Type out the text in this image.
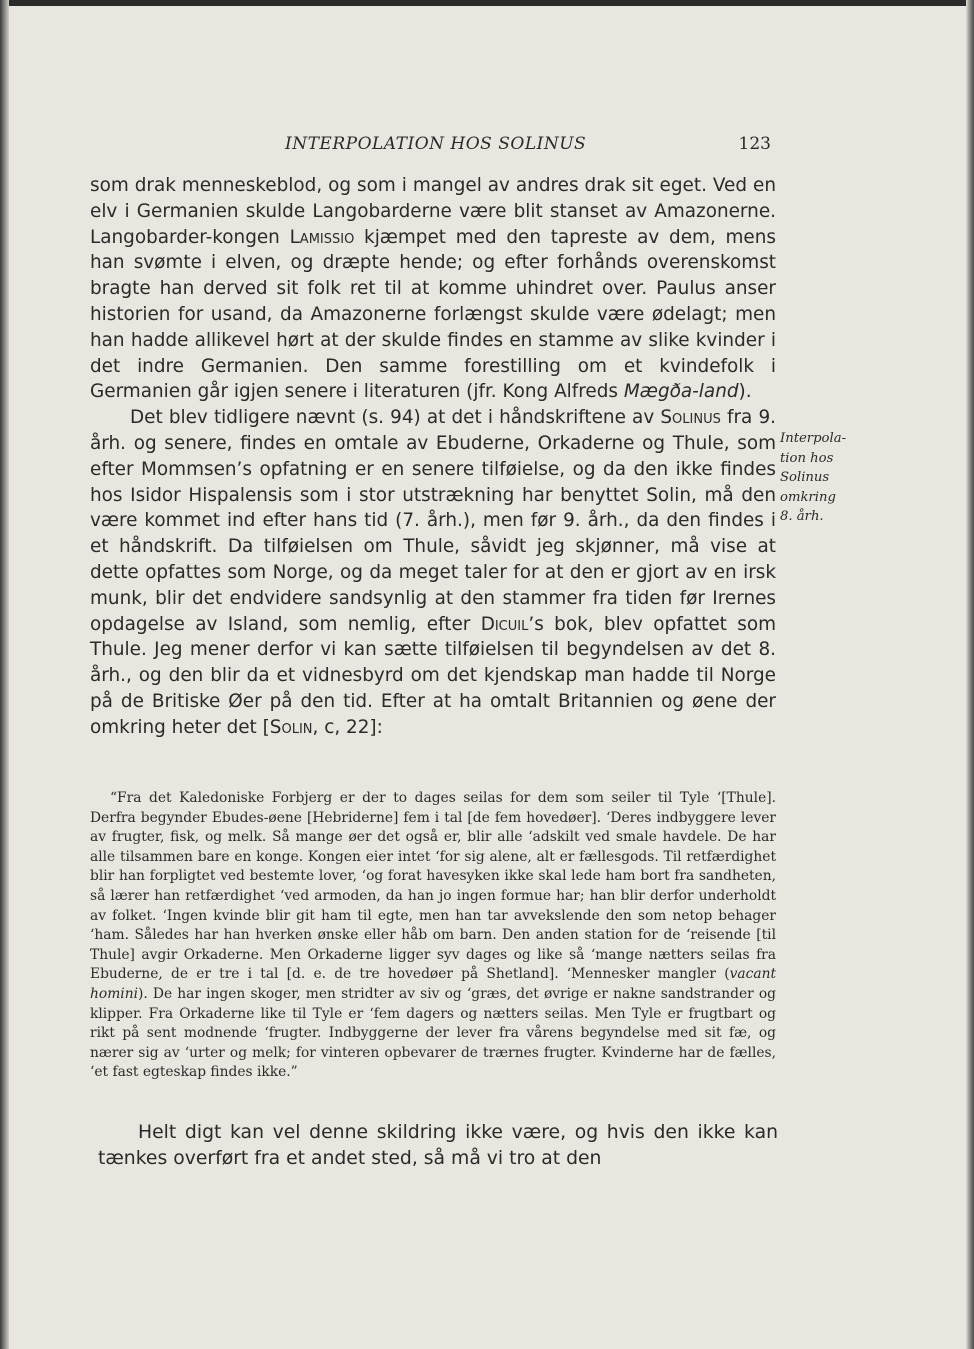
INTERPOLATION HOS SOLINUS	123

som drak menneskeblod, og som i mangel av andres drak sit eget. Ved en elv i Germanien skulde Langobarderne være blit stanset av Amazonerne. Langobarder-kongen Lamissio kjæmpet med den tapreste av dem, mens han svømte i elven, og dræpte hende; og efter forhånds overenskomst bragte han derved sit folk ret til at komme uhindret over. Paulus anser historien for usand, da Amazonerne forlængst skulde være ødelagt; men han hadde allikevel hørt at der skulde findes en stamme av slike kvinder i det indre Germanien. Den samme forestilling om et kvindefolk i Germanien går igjen senere i literaturen (jfr. Kong Alfreds Mægða-land).

Det blev tidligere nævnt (s. 94) at det i håndskriftene av Solinus fra 9. årh. og senere, findes en omtale av Ebuderne, Orkaderne og Thule, som efter Mommsen’s opfatning er en senere tilføielse, og da den ikke findes hos Isidor Hispalensis som i stor utstrækning har benyttet Solin, må den være kommet ind efter hans tid (7. årh.), men før 9. årh., da den findes i et håndskrift. Da tilføielsen om Thule, såvidt jeg skjønner, må vise at dette opfattes som Norge, og da meget taler for at den er gjort av en irsk munk, blir det endvidere sandsynlig at den stammer fra tiden før Irernes opdagelse av Island, som nemlig, efter Dicuil’s bok, blev opfattet som Thule. Jeg mener derfor vi kan sætte tilføielsen til begyndelsen av det 8. årh., og den blir da et vidnesbyrd om det kjendskap man hadde til Norge på de Britiske Øer på den tid. Efter at ha omtalt Britannien og øene der omkring heter det [Solin, c, 22]:

Interpola-
tion hos
Solinus
omkring
8. årh.

“Fra det Kaledoniske Forbjerg er der to dages seilas for dem som seiler til Tyle ‘[Thule]. Derfra begynder Ebudes-øene [Hebriderne] fem i tal [de fem hovedøer]. ‘Deres indbyggere lever av frugter, fisk, og melk. Så mange øer det også er, blir alle ‘adskilt ved smale havdele. De har alle tilsammen bare en konge. Kongen eier intet ‘for sig alene, alt er fællesgods. Til retfærdighet blir han forpligtet ved bestemte lover, ‘og forat havesyken ikke skal lede ham bort fra sandheten, så lærer han retfærdighet ‘ved armoden, da han jo ingen formue har; han blir derfor underholdt av folket. ‘Ingen kvinde blir git ham til egte, men han tar avvekslende den som netop behager ‘ham. Således har han hverken ønske eller håb om barn. Den anden station for de ‘reisende [til Thule] avgir Orkaderne. Men Orkaderne ligger syv dages og like så ‘mange nætters seilas fra Ebuderne, de er tre i tal [d. e. de tre hovedøer på Shetland]. ‘Mennesker mangler (vacant homini). De har ingen skoger, men stridter av siv og ‘græs, det øvrige er nakne sandstrander og klipper. Fra Orkaderne like til Tyle er ‘fem dagers og nætters seilas. Men Tyle er frugtbart og rikt på sent modnende ‘frugter. Indbyggerne der lever fra vårens begyndelse med sit fæ, og nærer sig av ‘urter og melk; for vinteren opbevarer de trærnes frugter. Kvinderne har de fælles, ‘et fast egteskap findes ikke.”

Helt digt kan vel denne skildring ikke være, og hvis den ikke kan tænkes overført fra et andet sted, så må vi tro at den
